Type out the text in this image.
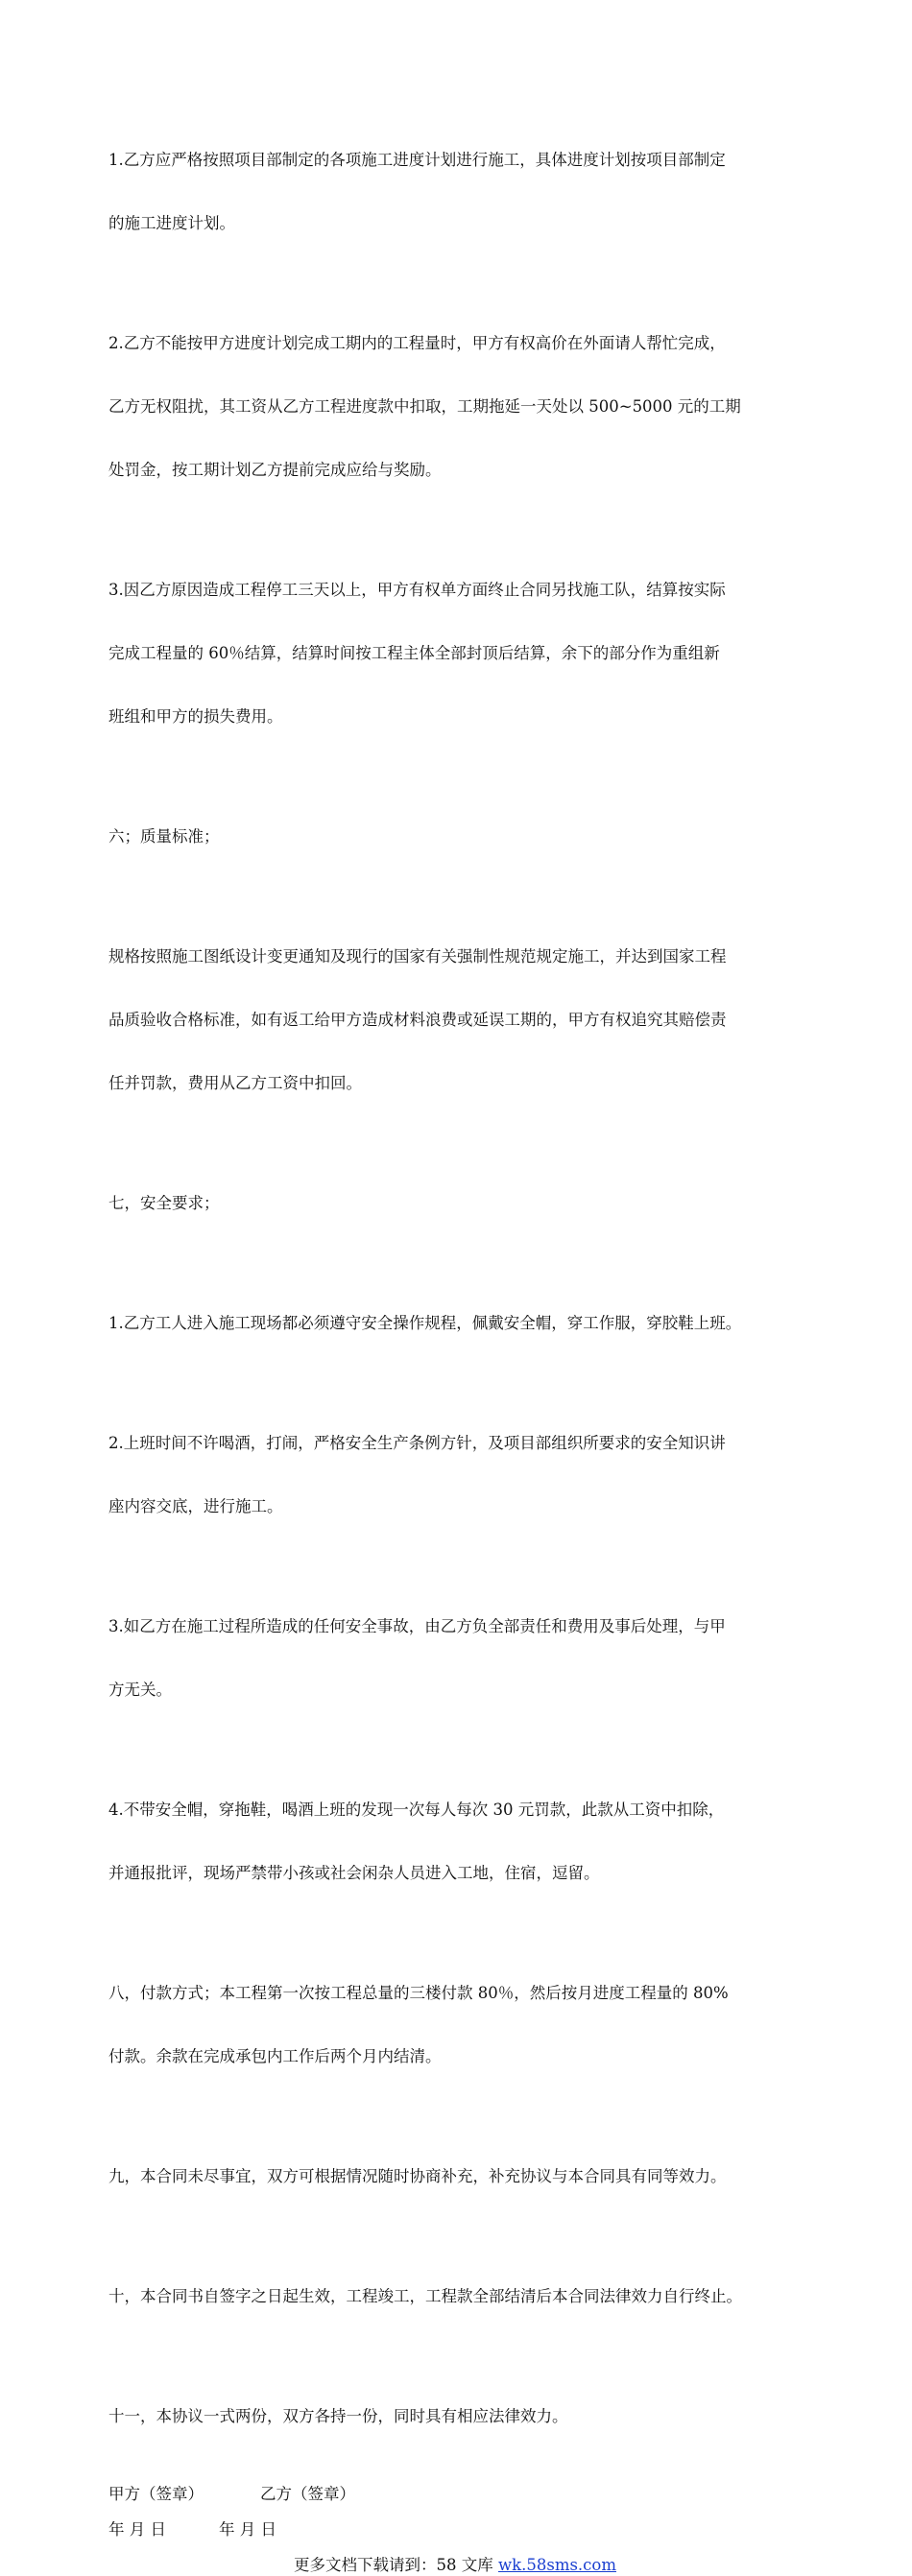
1.乙方应严格按照项目部制定的各项施工进度计划进行施工，具体进度计划按项目部制定

的施工进度计划。

2.乙方不能按甲方进度计划完成工期内的工程量时，甲方有权高价在外面请人帮忙完成，

乙方无权阻扰，其工资从乙方工程进度款中扣取，工期拖延一天处以 500~5000 元的工期

处罚金，按工期计划乙方提前完成应给与奖励。

3.因乙方原因造成工程停工三天以上，甲方有权单方面终止合同另找施工队，结算按实际

完成工程量的 60％结算，结算时间按工程主体全部封顶后结算，余下的部分作为重组新

班组和甲方的损失费用。

六；质量标准；

规格按照施工图纸设计变更通知及现行的国家有关强制性规范规定施工，并达到国家工程

品质验收合格标准，如有返工给甲方造成材料浪费或延误工期的，甲方有权追究其赔偿责

任并罚款，费用从乙方工资中扣回。

七，安全要求；

1.乙方工人进入施工现场都必须遵守安全操作规程，佩戴安全帽，穿工作服，穿胶鞋上班。

2.上班时间不许喝酒，打闹，严格安全生产条例方针，及项目部组织所要求的安全知识讲

座内容交底，进行施工。

3.如乙方在施工过程所造成的任何安全事故，由乙方负全部责任和费用及事后处理，与甲

方无关。

4.不带安全帽，穿拖鞋，喝酒上班的发现一次每人每次 30 元罚款，此款从工资中扣除，

并通报批评，现场严禁带小孩或社会闲杂人员进入工地，住宿，逗留。

八，付款方式；本工程第一次按工程总量的三楼付款 80％，然后按月进度工程量的 80%

付款。余款在完成承包内工作后两个月内结清。

九，本合同未尽事宜，双方可根据情况随时协商补充，补充协议与本合同具有同等效力。

十，本合同书自签字之日起生效，工程竣工，工程款全部结清后本合同法律效力自行终止。

十一，本协议一式两份，双方各持一份，同时具有相应法律效力。

甲方（签章）	乙方（签章）
年 月 日	年 月 日
更多文档下载请到：58 文库 wk.58sms.com
